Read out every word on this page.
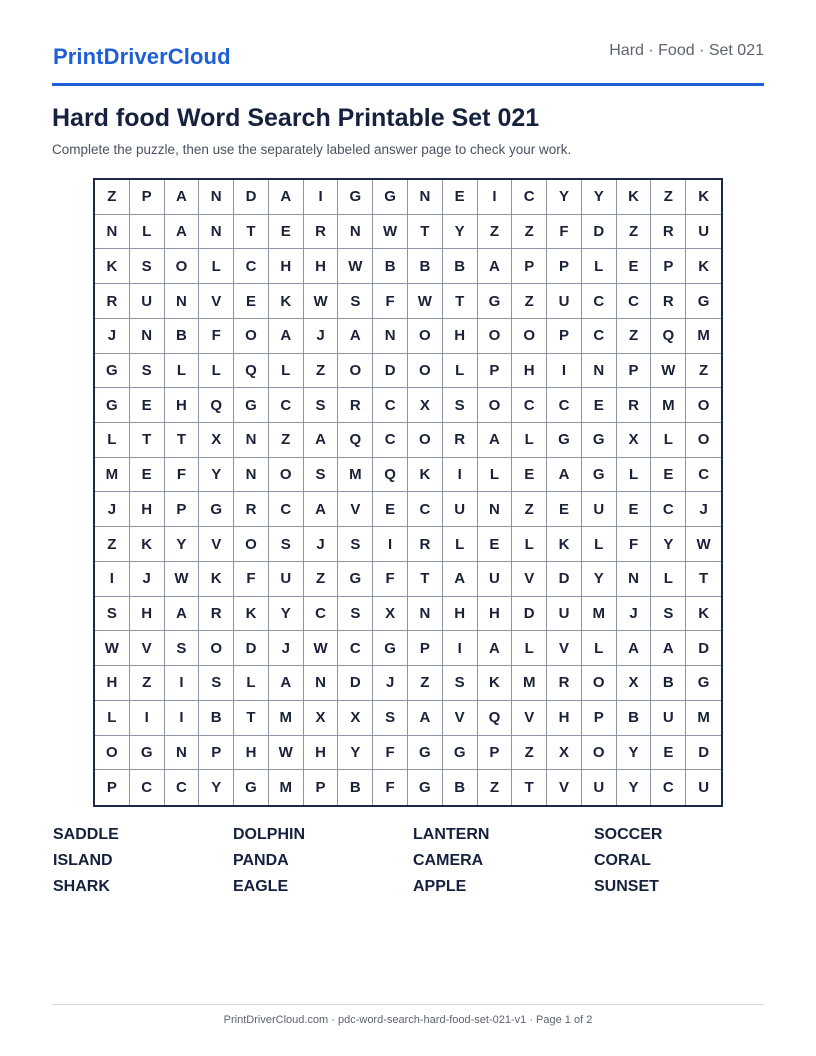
PrintDriverCloud	Hard · Food · Set 021
Hard food Word Search Printable Set 021
Complete the puzzle, then use the separately labeled answer page to check your work.
Z	P	A	N	D	A	I	G	G	N	E	I	C	Y	Y	K	Z	K
N	L	A	N	T	E	R	N	W	T	Y	Z	Z	F	D	Z	R	U
K	S	O	L	C	H	H	W	B	B	B	A	P	P	L	E	P	K
R	U	N	V	E	K	W	S	F	W	T	G	Z	U	C	C	R	G
J	N	B	F	O	A	J	A	N	O	H	O	O	P	C	Z	Q	M
G	S	L	L	Q	L	Z	O	D	O	L	P	H	I	N	P	W	Z
G	E	H	Q	G	C	S	R	C	X	S	O	C	C	E	R	M	O
L	T	T	X	N	Z	A	Q	C	O	R	A	L	G	G	X	L	O
M	E	F	Y	N	O	S	M	Q	K	I	L	E	A	G	L	E	C
J	H	P	G	R	C	A	V	E	C	U	N	Z	E	U	E	C	J
Z	K	Y	V	O	S	J	S	I	R	L	E	L	K	L	F	Y	W
I	J	W	K	F	U	Z	G	F	T	A	U	V	D	Y	N	L	T
S	H	A	R	K	Y	C	S	X	N	H	H	D	U	M	J	S	K
W	V	S	O	D	J	W	C	G	P	I	A	L	V	L	A	A	D
H	Z	I	S	L	A	N	D	J	Z	S	K	M	R	O	X	B	G
L	I	I	B	T	M	X	X	S	A	V	Q	V	H	P	B	U	M
O	G	N	P	H	W	H	Y	F	G	G	P	Z	X	O	Y	E	D
P	C	C	Y	G	M	P	B	F	G	B	Z	T	V	U	Y	C	U
SADDLE	DOLPHIN	LANTERN	SOCCER
ISLAND	PANDA	CAMERA	CORAL
SHARK	EAGLE	APPLE	SUNSET
PrintDriverCloud.com · pdc-word-search-hard-food-set-021-v1 · Page 1 of 2
